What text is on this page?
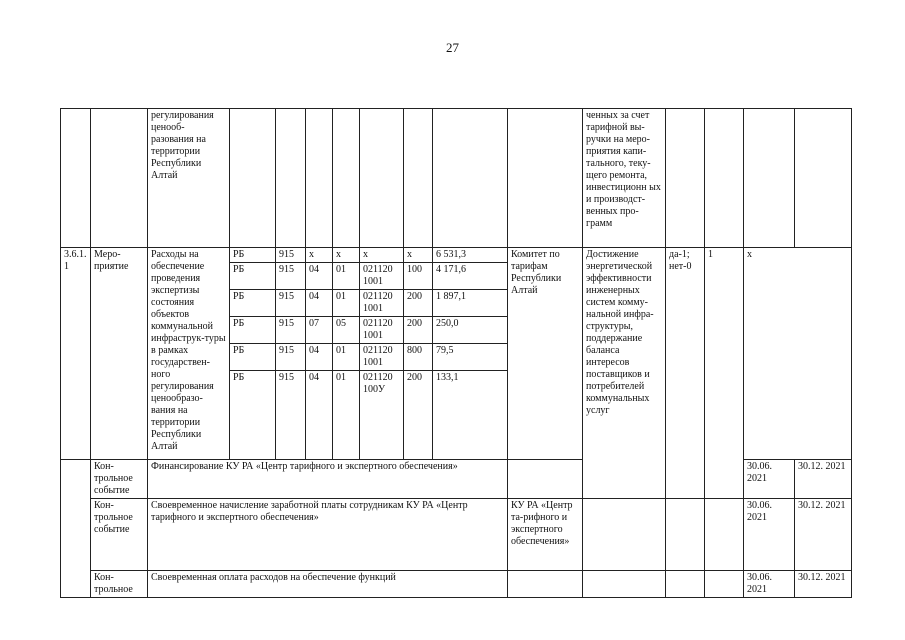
27
		регулирования ценооб-разования на территории Республики Алтай									ченных за счет тарифной вы-ручки на меро-приятия капи-тального, теку-щего ремонта, инвестиционн ых и производст-венных про-грамм				
3.6.1.1	Меро-приятие	Расходы на обеспечение проведения экспертизы состояния объектов коммунальной инфраструк-туры в рамках государствен-ного регулирования ценообразо-вания на территории Республики Алтай	РБ	915	x	x	x	x	6 531,3	Комитет по тарифам Республики Алтай	Достижение энергетической эффективности инженерных систем комму-нальной инфра-структуры, поддержание баланса интересов поставщиков и потребителей коммунальных услуг	да-1; нет-0	1	x	
			РБ	915	04	01	021120 1001	100	4 171,6						
			РБ	915	04	01	021120 1001	200	1 897,1						
			РБ	915	07	05	021120 1001	200	250,0						
			РБ	915	04	01	021120 1001	800	79,5						
			РБ	915	04	01	021120 100У	200	133,1						
	Кон-трольное событие	Финансирование КУ РА «Центр тарифного и экспертного обеспечения»												30.06. 2021	30.12. 2021
	Кон-трольное событие	Своевременное начисление заработной платы сотрудникам КУ РА «Центр тарифного и экспертного обеспечения»								КУ РА «Центр та-рифного и экспертного обеспечения»				30.06. 2021	30.12. 2021
	Кон-трольное	Своевременная оплата расходов на обеспечение функций												30.06. 2021	30.12. 2021
